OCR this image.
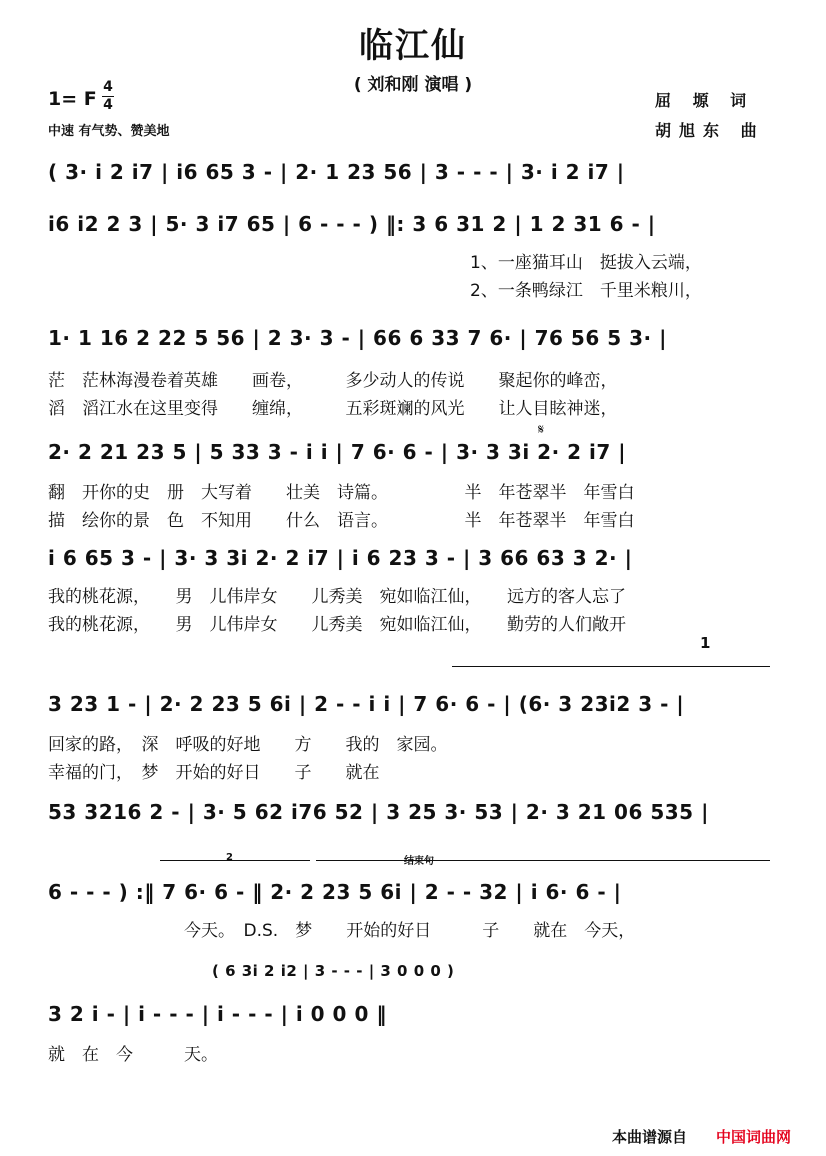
临江仙
( 刘和刚 演唱 )
1= F
4
4
中速 有气势、赞美地
屈 塬 词
胡旭东 曲
( 3· i 2 i7 | i6 65 3 - | 2· 1 23 56 | 3 - - - | 3· i 2 i7 |
i6 i2 2 3 | 5· 3 i7 65 | 6 - - - ) ‖: 3 6 31 2 | 1 2 31 6 - |
1、一座猫耳山　挺拔入云端，
2、一条鸭绿江　千里米粮川，
1· 1 16 2 22 5 56 | 2 3· 3 - | 66 6 33 7 6· | 76 56 5 3· |
茫　茫林海漫卷着英雄　　画卷，　　　多少动人的传说　　聚起你的峰峦，
滔　滔江水在这里变得　　缠绵，　　　五彩斑斓的风光　　让人目眩神迷，
𝄋
2· 2 21 23 5 | 5 33 3 - i i | 7 6· 6 - | 3· 3 3i 2· 2 i7 |
翻　开你的史　册　大写着　　壮美　诗篇。　　　　　半　年苍翠半　年雪白
描　绘你的景　色　不知用　　什么　语言。　　　　　半　年苍翠半　年雪白
i 6 65 3 - | 3· 3 3i 2· 2 i7 | i 6 23 3 - | 3 66 63 3 2· |
我的桃花源，　　男　儿伟岸女　　儿秀美　宛如临江仙，　　远方的客人忘了
我的桃花源，　　男　儿伟岸女　　儿秀美　宛如临江仙，　　勤劳的人们敞开
1
3 23 1 - | 2· 2 23 5 6i | 2 - - i i | 7 6· 6 - | (6· 3 23i2 3 - |
回家的路，　深　呼吸的好地　　方　　我的　家园。
幸福的门，　梦　开始的好日　　子　　就在
53 3216 2 - | 3· 5 62 i76 52 | 3 25 3· 53 | 2· 3 21 06 535 |
2	结束句
6 - - - ) :‖ 7 6· 6 - ‖ 2· 2 23 5 6i | 2 - - 32 | i 6· 6 - |
　　　　　　　　今天。　D.S.　梦　　开始的好日　　　子　　就在　今天，
( 6 3i 2 i2 | 3 - - - | 3 0 0 0 )
3 2 i - | i - - - | i - - - | i 0 0 0 ‖
就　在　今　　　天。
本曲谱源自 中国词曲网
